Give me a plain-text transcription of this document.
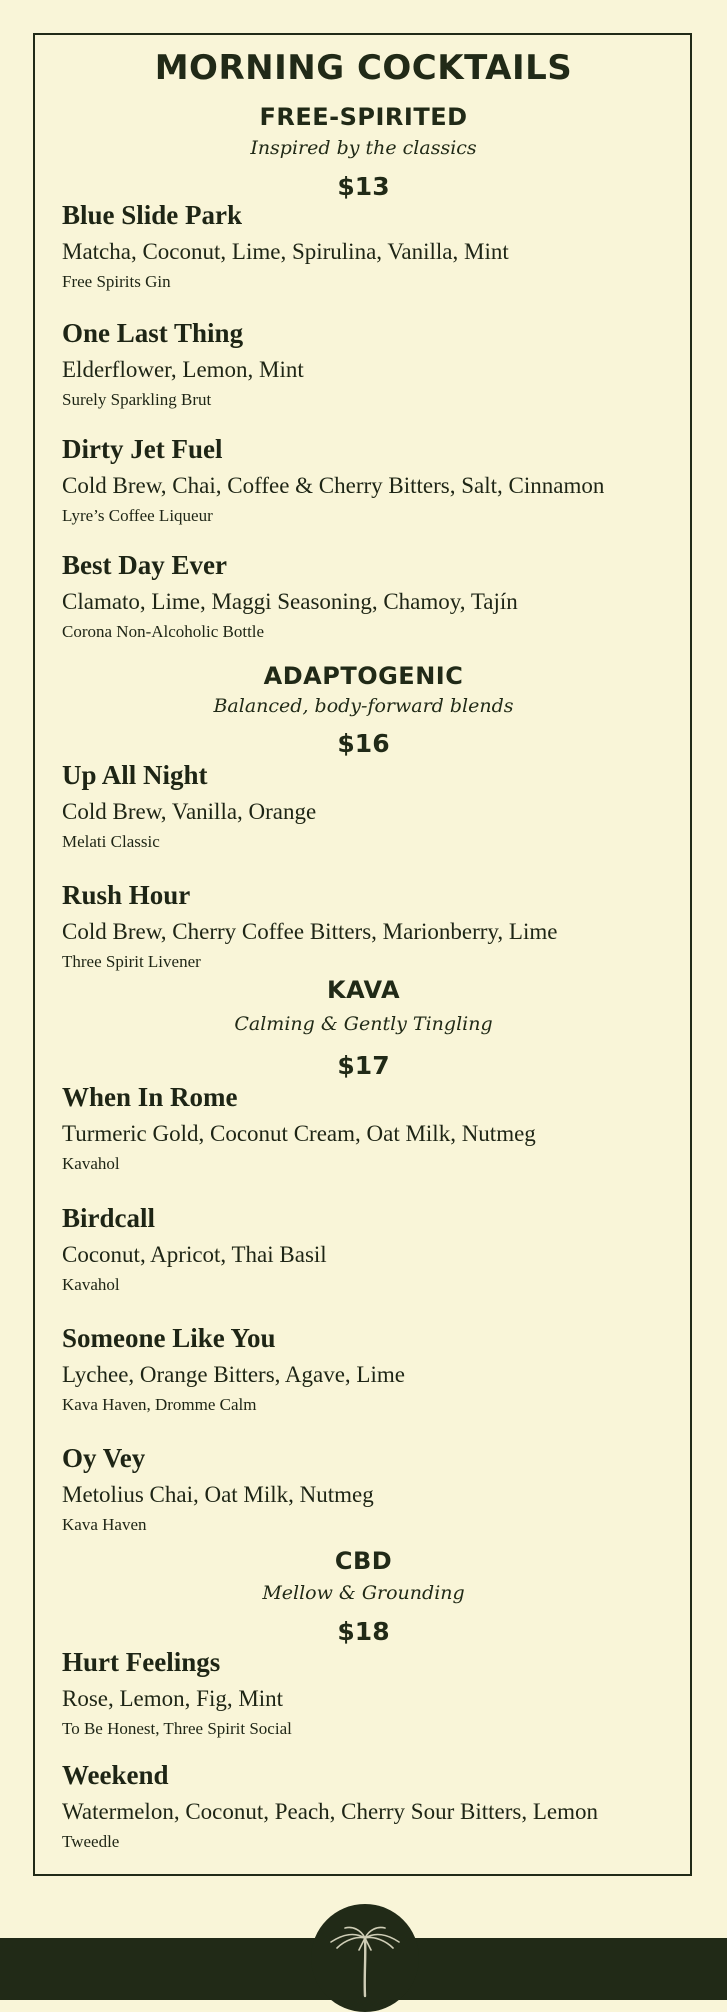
MORNING COCKTAILS
FREE-SPIRITED
Inspired by the classics
$13

Blue Slide Park

Matcha, Coconut, Lime, Spirulina, Vanilla, Mint

Free Spirits Gin

One Last Thing

Elderflower, Lemon, Mint

Surely Sparkling Brut

Dirty Jet Fuel

Cold Brew, Chai, Coffee & Cherry Bitters, Salt, Cinnamon

Lyre’s Coffee Liqueur

Best Day Ever

Clamato, Lime, Maggi Seasoning, Chamoy, Tajín

Corona Non-Alcoholic Bottle

ADAPTOGENIC
Balanced, body-forward blends
$16

Up All Night

Cold Brew, Vanilla, Orange

Melati Classic

Rush Hour

Cold Brew, Cherry Coffee Bitters, Marionberry, Lime

Three Spirit Livener

KAVA
Calming & Gently Tingling
$17

When In Rome

Turmeric Gold, Coconut Cream, Oat Milk, Nutmeg

Kavahol

Birdcall

Coconut, Apricot, Thai Basil

Kavahol

Someone Like You

Lychee, Orange Bitters, Agave, Lime

Kava Haven, Dromme Calm

Oy Vey

Metolius Chai, Oat Milk, Nutmeg

Kava Haven

CBD
Mellow & Grounding
$18

Hurt Feelings

Rose, Lemon, Fig, Mint

To Be Honest, Three Spirit Social

Weekend

Watermelon, Coconut, Peach, Cherry Sour Bitters, Lemon

Tweedle
